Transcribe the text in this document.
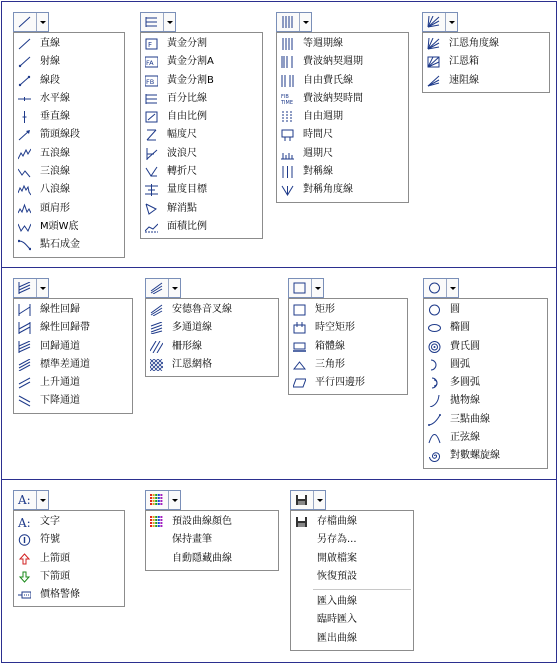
直線
射線
線段
水平線
垂直線
箭頭線段
五浪線
三浪線
八浪線
頭肩形
M頭W底
點石成金
F 黃金分割
FA 黃金分割A
FB 黃金分割B
百分比線
自由比例
幅度尺
波浪尺
轉折尺
量度目標
解消點
面積比例
等週期線
費波納契週期
自由費氏線
FIB
TIME 費波納契時間
自由週期
時間尺
週期尺
對稱線
對稱角度線
江恩角度線
江恩箱
速阻線
線性回歸
線性回歸帶
回歸通道
標準差通道
上升通道
下降通道
安德魯音叉線
多通道線
柵形線
江恩網格
矩形
時空矩形
箱體線
三角形
平行四邊形
圓
橢圓
費氏圓
圓弧
多圓弧
拋物線
三點曲線
正弦線
對數螺旋線
A:
A: 文字
符號
上箭頭
下箭頭
價格警條
預設曲線顏色
保持畫筆
自動隱藏曲線
存檔曲線
另存為...
開啟檔案
恢復預設
匯入曲線
臨時匯入
匯出曲線
